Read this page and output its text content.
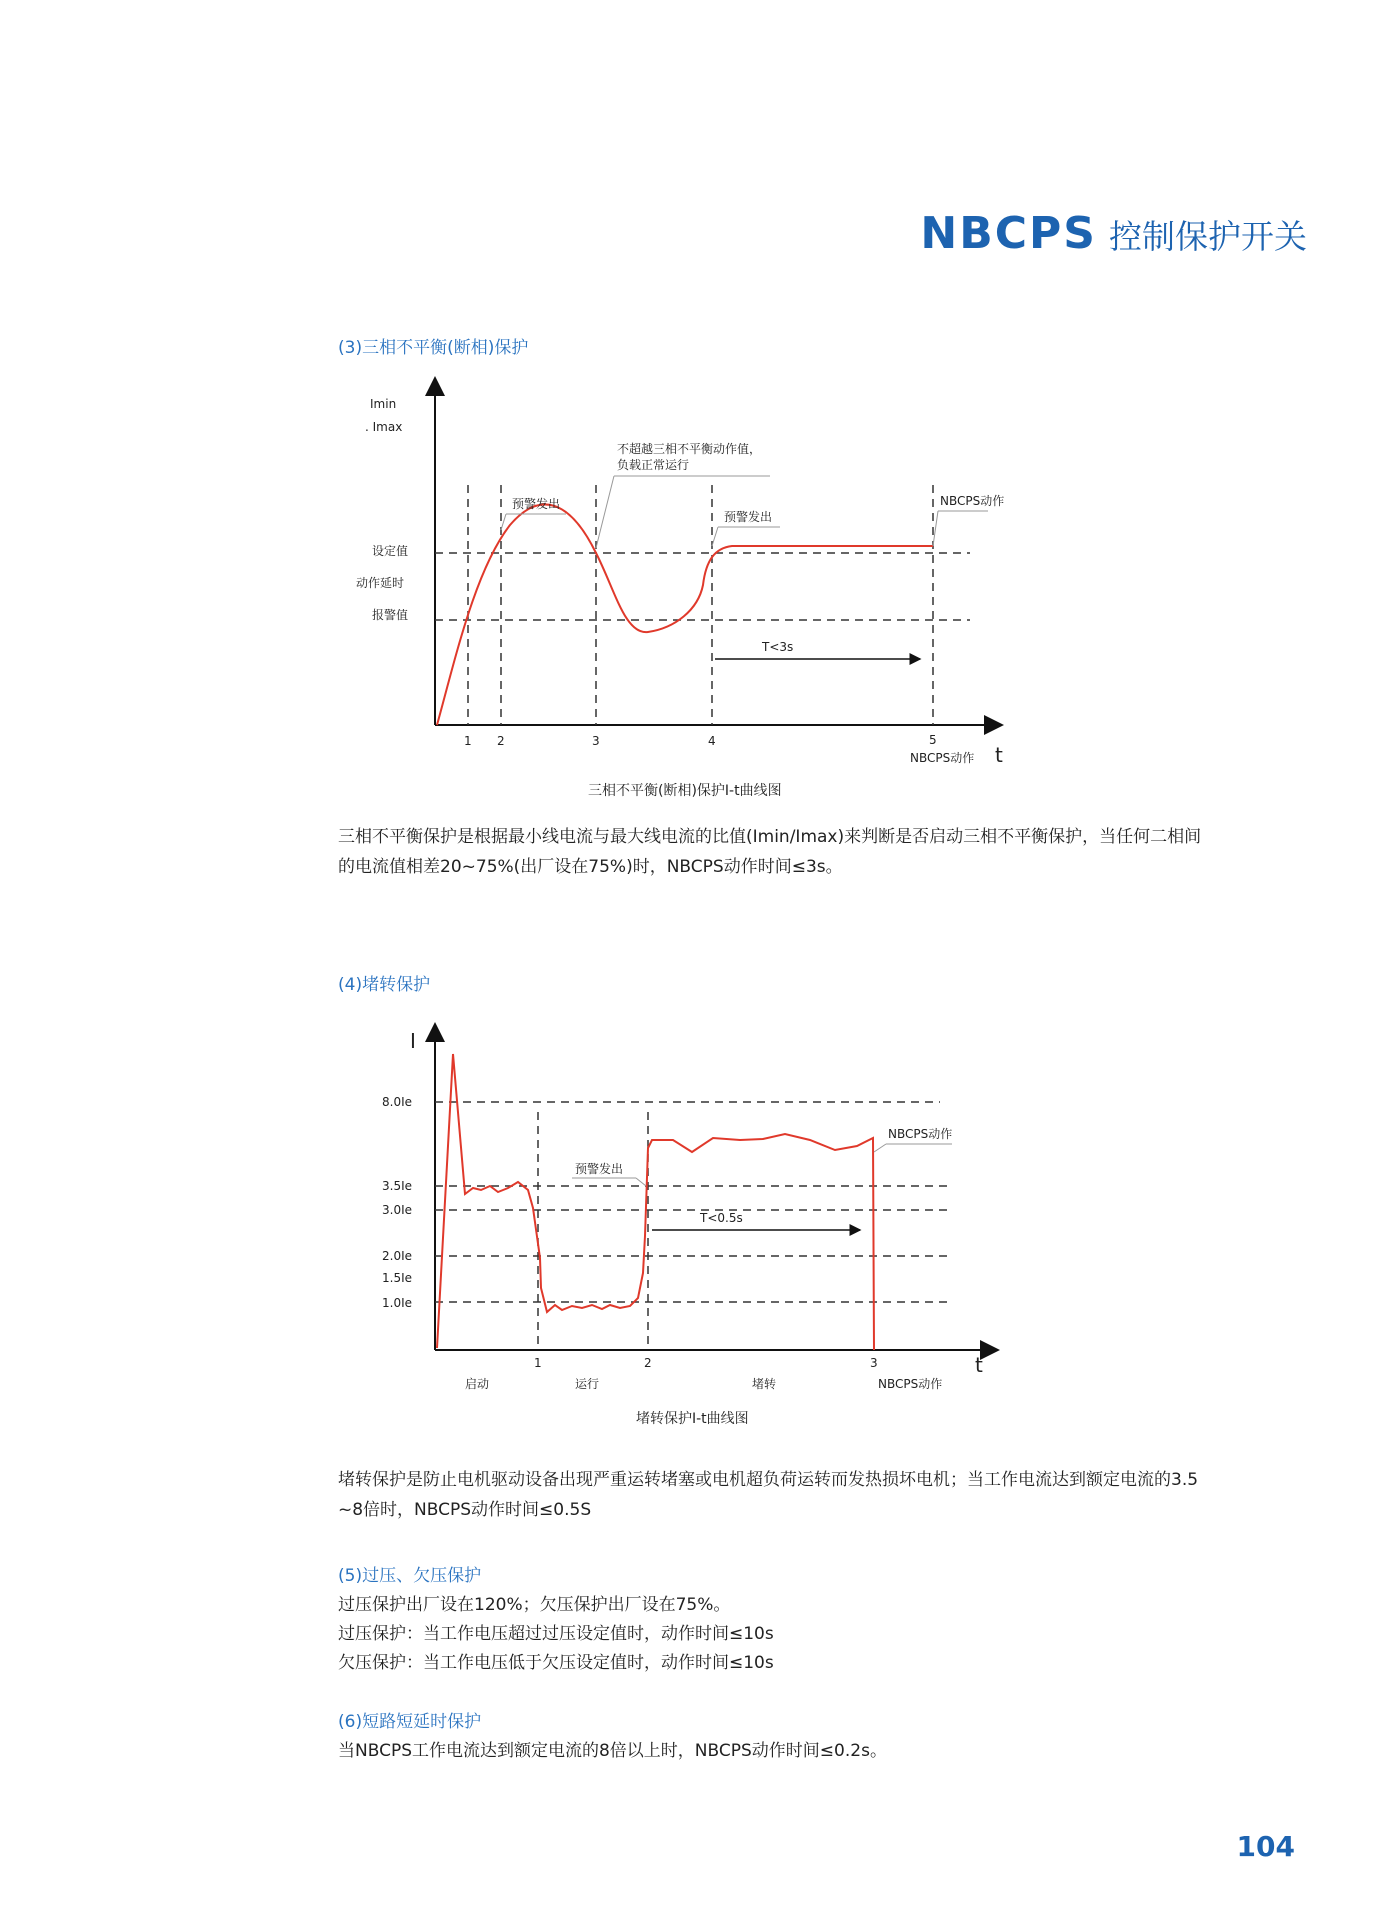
NBCPS 控制保护开关
(3)三相不平衡(断相)保护
Imin
. Imax
设定值
动作延时
报警值
1 2	3	4	5
NBCPS动作 t
预警发出
不超越三相不平衡动作值，
负载正常运行
预警发出
NBCPS动作
T<3s
三相不平衡(断相)保护I-t曲线图
三相不平衡保护是根据最小线电流与最大线电流的比值(Imin/Imax)来判断是否启动三相不平衡保护，当任何二相间
的电流值相差20~75%(出厂设在75%)时，NBCPS动作时间≤3s。
(4)堵转保护
I
8.0Ie
3.5Ie
3.0Ie
2.0Ie
1.5Ie
1.0Ie
1	2	3	t
启动	运行	堵转	NBCPS动作
预警发出
NBCPS动作
T<0.5s
堵转保护I-t曲线图
堵转保护是防止电机驱动设备出现严重运转堵塞或电机超负荷运转而发热损坏电机；当工作电流达到额定电流的3.5
~8倍时，NBCPS动作时间≤0.5S
(5)过压、欠压保护
过压保护出厂设在120%；欠压保护出厂设在75%。
过压保护：当工作电压超过过压设定值时，动作时间≤10s
欠压保护：当工作电压低于欠压设定值时，动作时间≤10s
(6)短路短延时保护
当NBCPS工作电流达到额定电流的8倍以上时，NBCPS动作时间≤0.2s。
104
